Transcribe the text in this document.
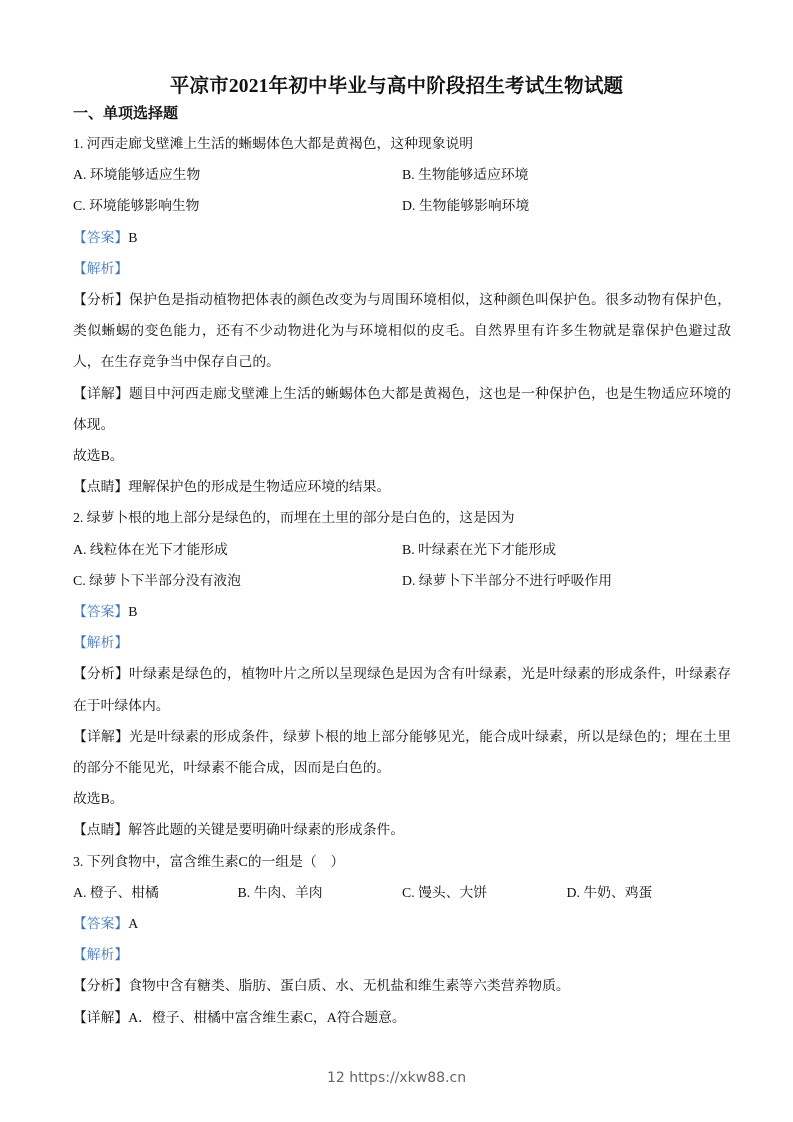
平凉市2021年初中毕业与高中阶段招生考试生物试题
一、单项选择题

1. 河西走廊戈壁滩上生活的蜥蜴体色大都是黄褐色，这种现象说明

A. 环境能够适应生物	B. 生物能够适应环境
C. 环境能够影响生物	D. 生物能够影响环境

【答案】B

【解析】

【分析】保护色是指动植物把体表的颜色改变为与周围环境相似，这种颜色叫保护色。很多动物有保护色，类似蜥蜴的变色能力，还有不少动物进化为与环境相似的皮毛。自然界里有许多生物就是靠保护色避过敌人，在生存竞争当中保存自己的。

【详解】题目中河西走廊戈壁滩上生活的蜥蜴体色大都是黄褐色，这也是一种保护色，也是生物适应环境的体现。

故选B。

【点睛】理解保护色的形成是生物适应环境的结果。

2. 绿萝卜根的地上部分是绿色的，而埋在土里的部分是白色的，这是因为

A. 线粒体在光下才能形成	B. 叶绿素在光下才能形成
C. 绿萝卜下半部分没有液泡	D. 绿萝卜下半部分不进行呼吸作用

【答案】B

【解析】

【分析】叶绿素是绿色的，植物叶片之所以呈现绿色是因为含有叶绿素，光是叶绿素的形成条件，叶绿素存在于叶绿体内。

【详解】光是叶绿素的形成条件，绿萝卜根的地上部分能够见光，能合成叶绿素，所以是绿色的；埋在土里的部分不能见光，叶绿素不能合成，因而是白色的。

故选B。

【点睛】解答此题的关键是要明确叶绿素的形成条件。

3. 下列食物中，富含维生素C的一组是（　）

A. 橙子、柑橘	B. 牛肉、羊肉	C. 馒头、大饼	D. 牛奶、鸡蛋

【答案】A

【解析】

【分析】食物中含有糖类、脂肪、蛋白质、水、无机盐和维生素等六类营养物质。

【详解】A．橙子、柑橘中富含维生素C，A符合题意。

12 https://xkw88.cn
